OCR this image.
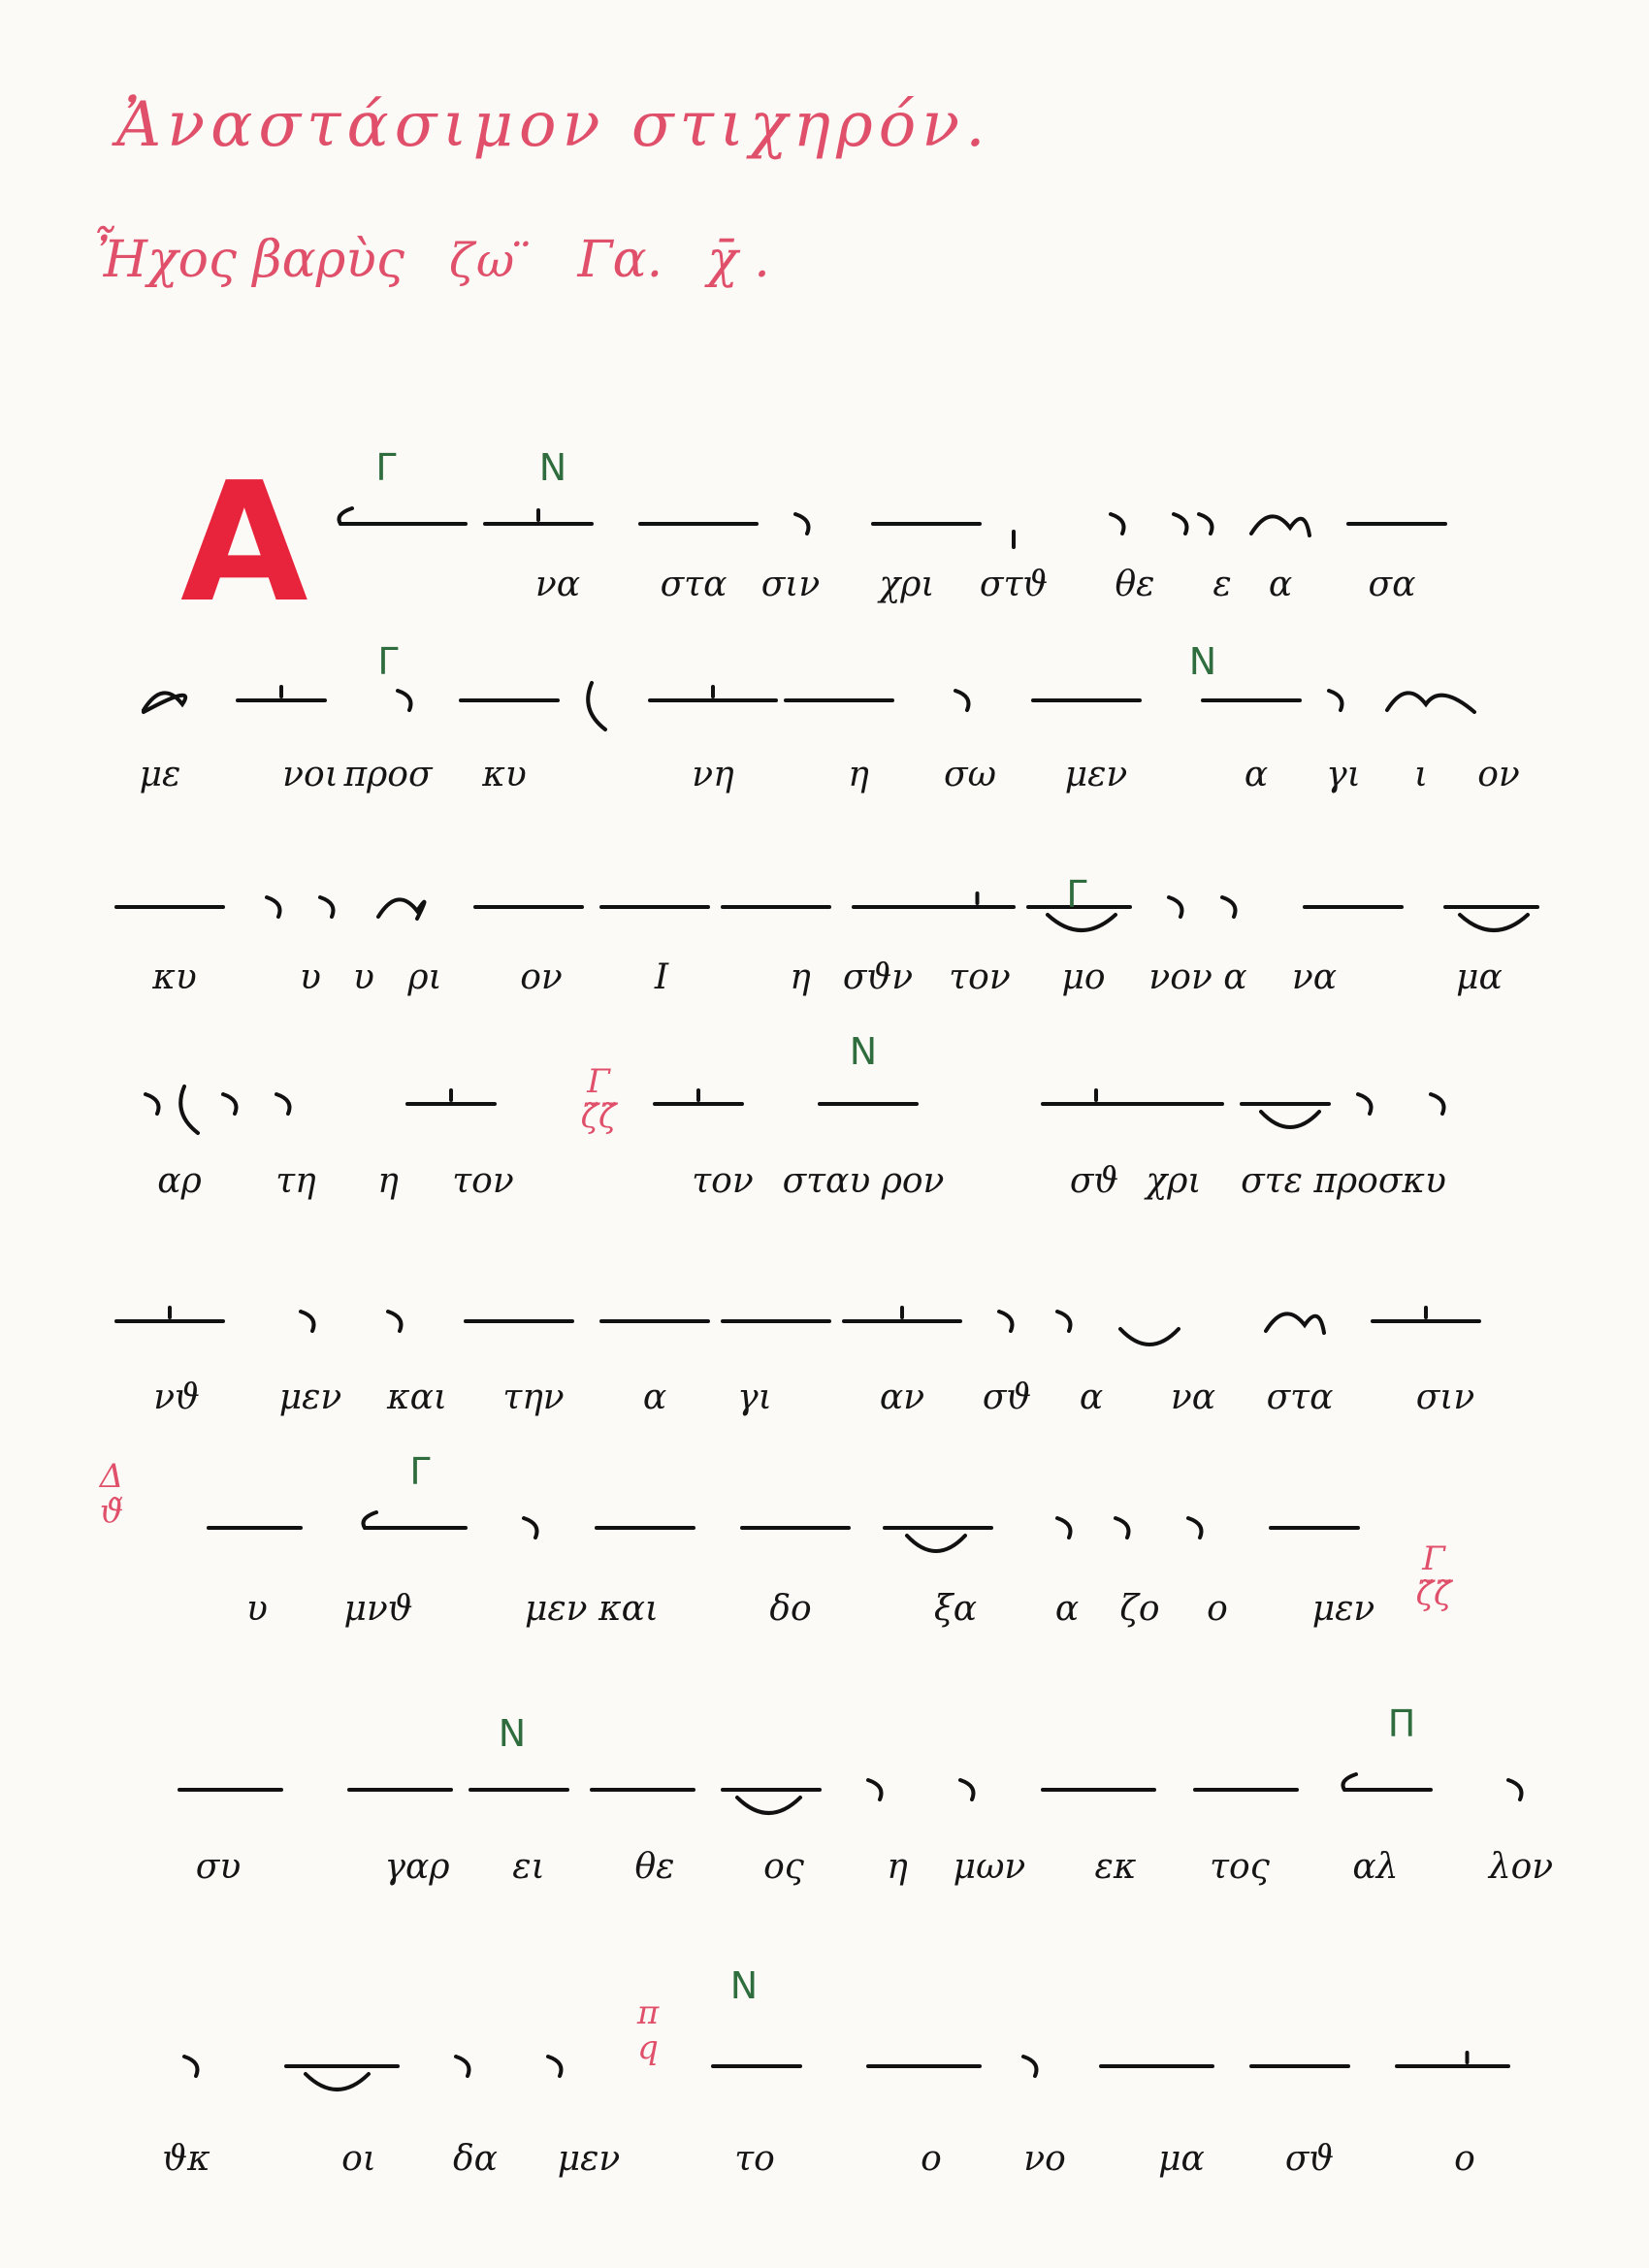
Ἀναστάσιμον στιχηρόν.
Ἦχος βαρὺς ζω ̈ Γα. χ̄ .
Α	να στα σιν χρι στϑ θε ε α σα
Γ	Ν
με	νοι προσ κυ	νη	η σω μεν	α γι ι ον
Γ	Ν
κυ	υ υ ρι ον	Ι	η σϑν τον μο νον α να	μα
Γ
αρ τη η τον	τον σταυ ρον	σϑ χρι στε προσκυ
Ν
Γ
ζ̃ζ̃
νϑ μεν και την α γι	αν σϑ α να στα σιν
υ μνϑ	μεν και	δο	ξα α ζο ο μεν
Γ
Δ
ϑ̃
Γ
ζ̃ζ̃
συ	γαρ ει	θε	ος η μων εκ τος αλ	λον
Ν	Π
ϑκ	οι δα μεν	το	ο νο	μα σϑ	ο
Ν
π
q
